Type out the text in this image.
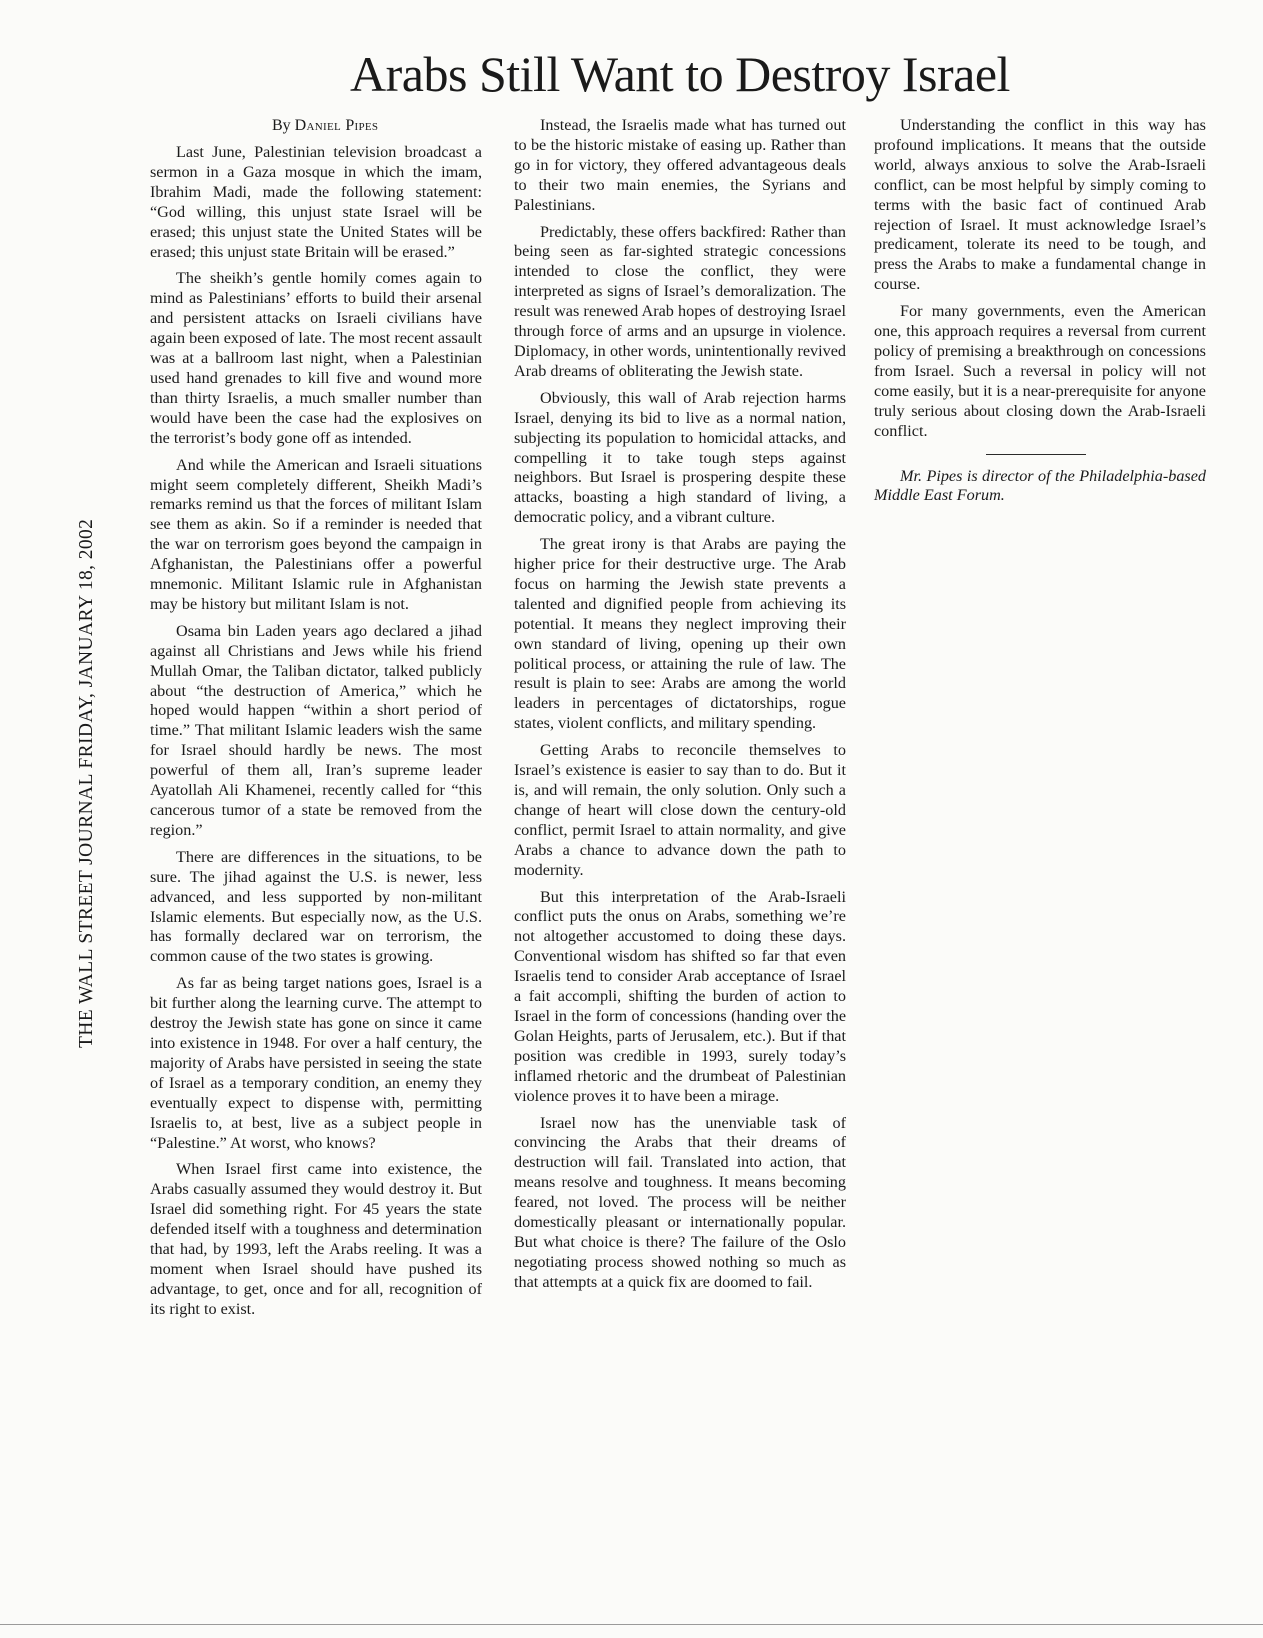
Arabs Still Want to Destroy Israel
THE WALL STREET JOURNAL FRIDAY, JANUARY 18, 2002

By Daniel Pipes

Last June, Palestinian television broadcast a sermon in a Gaza mosque in which the imam, Ibrahim Madi, made the following statement: “God willing, this unjust state Israel will be erased; this unjust state the United States will be erased; this unjust state Britain will be erased.”

The sheikh’s gentle homily comes again to mind as Palestinians’ efforts to build their arsenal and persistent attacks on Israeli civilians have again been exposed of late. The most recent assault was at a ballroom last night, when a Palestinian used hand grenades to kill five and wound more than thirty Israelis, a much smaller number than would have been the case had the explosives on the terrorist’s body gone off as intended.

And while the American and Israeli situations might seem completely different, Sheikh Madi’s remarks remind us that the forces of militant Islam see them as akin. So if a reminder is needed that the war on terrorism goes beyond the campaign in Afghanistan, the Palestinians offer a powerful mnemonic. Militant Islamic rule in Afghanistan may be history but militant Islam is not.

Osama bin Laden years ago declared a jihad against all Christians and Jews while his friend Mullah Omar, the Taliban dictator, talked publicly about “the destruction of America,” which he hoped would happen “within a short period of time.” That militant Islamic leaders wish the same for Israel should hardly be news. The most powerful of them all, Iran’s supreme leader Ayatollah Ali Khamenei, recently called for “this cancerous tumor of a state be removed from the region.”

There are differences in the situations, to be sure. The jihad against the U.S. is newer, less advanced, and less supported by non-militant Islamic elements. But especially now, as the U.S. has formally declared war on terrorism, the common cause of the two states is growing.

As far as being target nations goes, Israel is a bit further along the learning curve. The attempt to destroy the Jewish state has gone on since it came into existence in 1948. For over a half century, the majority of Arabs have persisted in seeing the state of Israel as a temporary condition, an enemy they eventually expect to dispense with, permitting Israelis to, at best, live as a subject people in “Palestine.” At worst, who knows?

When Israel first came into existence, the Arabs casually assumed they would destroy it. But Israel did something right. For 45 years the state defended itself with a toughness and determination that had, by 1993, left the Arabs reeling. It was a moment when Israel should have pushed its advantage, to get, once and for all, recognition of its right to exist.

Instead, the Israelis made what has turned out to be the historic mistake of easing up. Rather than go in for victory, they offered advantageous deals to their two main enemies, the Syrians and Palestinians.

Predictably, these offers backfired: Rather than being seen as far-sighted strategic concessions intended to close the conflict, they were interpreted as signs of Israel’s demoralization. The result was renewed Arab hopes of destroying Israel through force of arms and an upsurge in violence. Diplomacy, in other words, unintentionally revived Arab dreams of obliterating the Jewish state.

Obviously, this wall of Arab rejection harms Israel, denying its bid to live as a normal nation, subjecting its population to homicidal attacks, and compelling it to take tough steps against neighbors. But Israel is prospering despite these attacks, boasting a high standard of living, a democratic policy, and a vibrant culture.

The great irony is that Arabs are paying the higher price for their destructive urge. The Arab focus on harming the Jewish state prevents a talented and dignified people from achieving its potential. It means they neglect improving their own standard of living, opening up their own political process, or attaining the rule of law. The result is plain to see: Arabs are among the world leaders in percentages of dictatorships, rogue states, violent conflicts, and military spending.

Getting Arabs to reconcile themselves to Israel’s existence is easier to say than to do. But it is, and will remain, the only solution. Only such a change of heart will close down the century-old conflict, permit Israel to attain normality, and give Arabs a chance to advance down the path to modernity.

But this interpretation of the Arab-Israeli conflict puts the onus on Arabs, something we’re not altogether accustomed to doing these days. Conventional wisdom has shifted so far that even Israelis tend to consider Arab acceptance of Israel a fait accompli, shifting the burden of action to Israel in the form of concessions (handing over the Golan Heights, parts of Jerusalem, etc.). But if that position was credible in 1993, surely today’s inflamed rhetoric and the drumbeat of Palestinian violence proves it to have been a mirage.

Israel now has the unenviable task of convincing the Arabs that their dreams of destruction will fail. Translated into action, that means resolve and toughness. It means becoming feared, not loved. The process will be neither domestically pleasant or internationally popular. But what choice is there? The failure of the Oslo negotiating process showed nothing so much as that attempts at a quick fix are doomed to fail.

Understanding the conflict in this way has profound implications. It means that the outside world, always anxious to solve the Arab-Israeli conflict, can be most helpful by simply coming to terms with the basic fact of continued Arab rejection of Israel. It must acknowledge Israel’s predicament, tolerate its need to be tough, and press the Arabs to make a fundamental change in course.

For many governments, even the American one, this approach requires a reversal from current policy of premising a breakthrough on concessions from Israel. Such a reversal in policy will not come easily, but it is a near-prerequisite for anyone truly serious about closing down the Arab-Israeli conflict.

Mr. Pipes is director of the Philadelphia-based Middle East Forum.
